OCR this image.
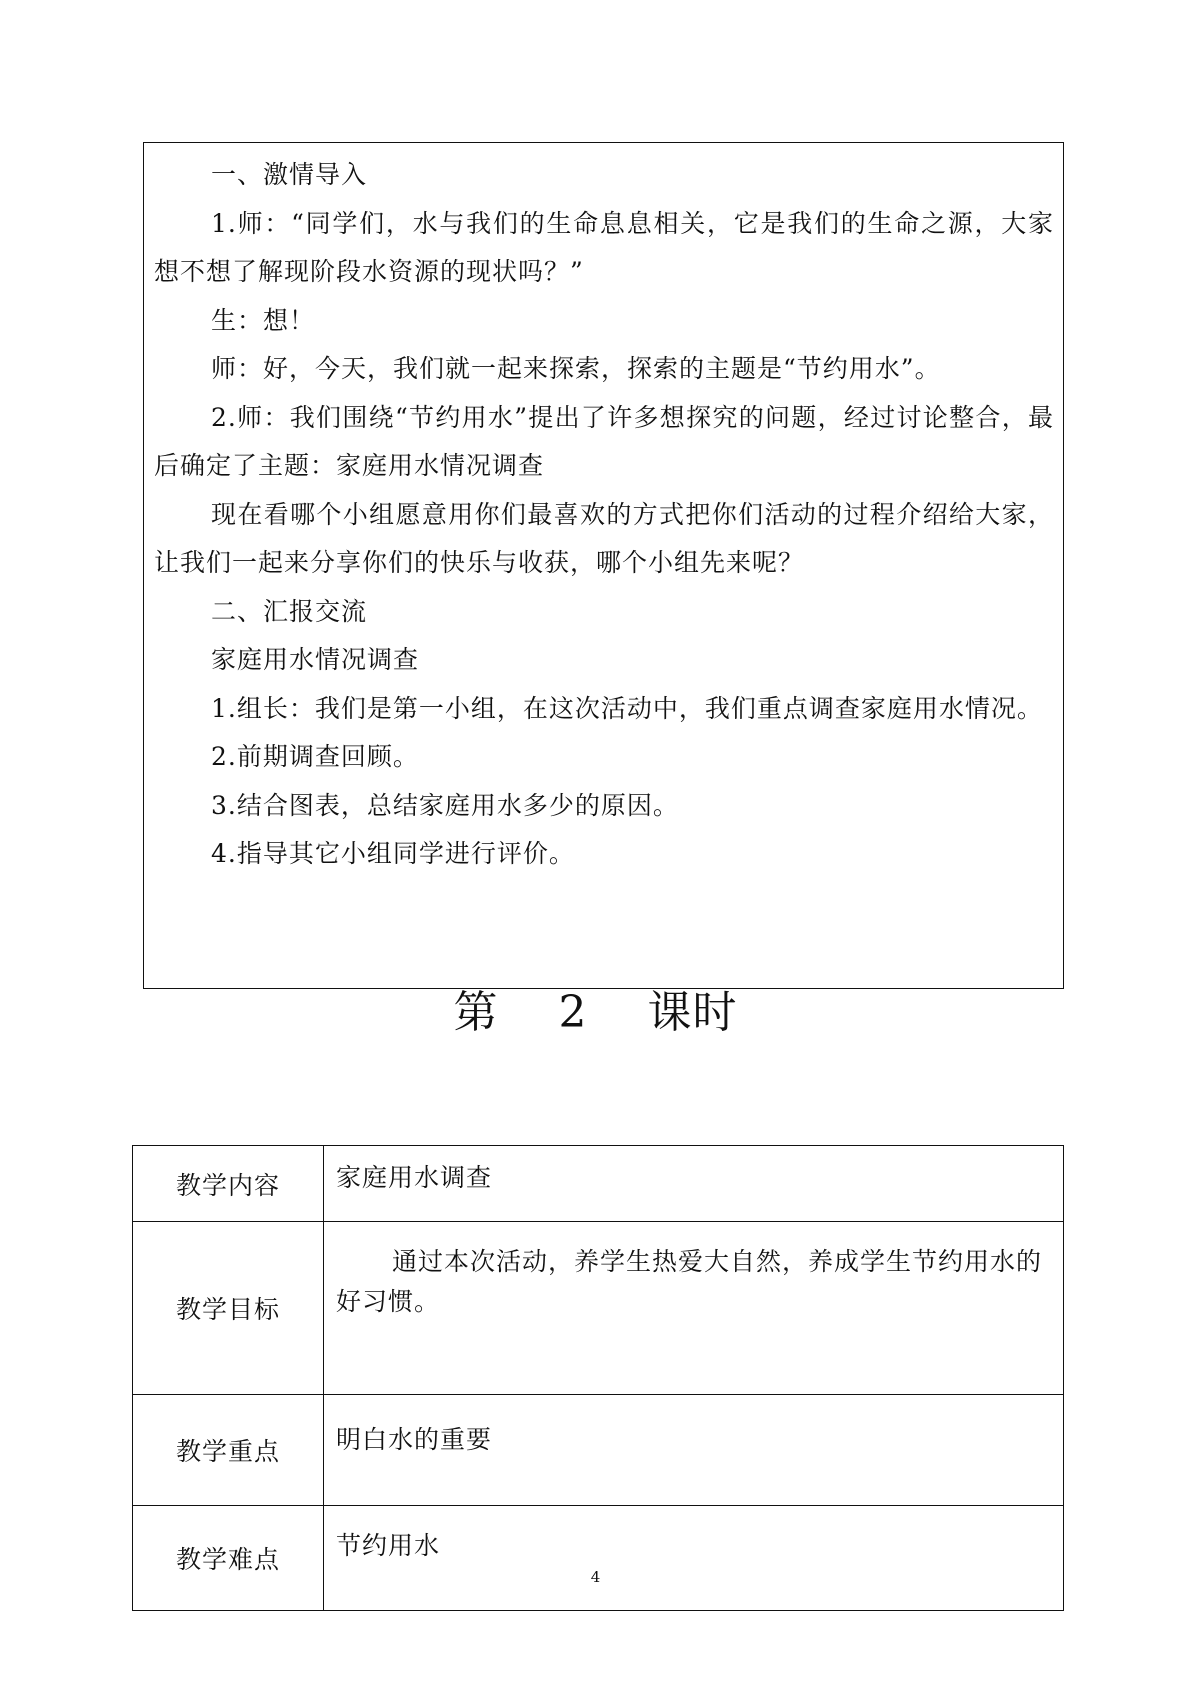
一、激情导入

1.师：“同学们，水与我们的生命息息相关，它是我们的生命之源，大家想不想了解现阶段水资源的现状吗？”

生：想！

师：好，今天，我们就一起来探索，探索的主题是“节约用水”。

2.师：我们围绕“节约用水”提出了许多想探究的问题，经过讨论整合，最后确定了主题：家庭用水情况调查

现在看哪个小组愿意用你们最喜欢的方式把你们活动的过程介绍给大家，让我们一起来分享你们的快乐与收获，哪个小组先来呢？

二、汇报交流

家庭用水情况调查

1.组长：我们是第一小组，在这次活动中，我们重点调查家庭用水情况。

2.前期调查回顾。

3.结合图表，总结家庭用水多少的原因。

4.指导其它小组同学进行评价。

第 2 课时
教学内容	家庭用水调查
教学目标	通过本次活动，养学生热爱大自然，养成学生节约用水的好习惯。
教学重点	明白水的重要
教学难点	节约用水
4
